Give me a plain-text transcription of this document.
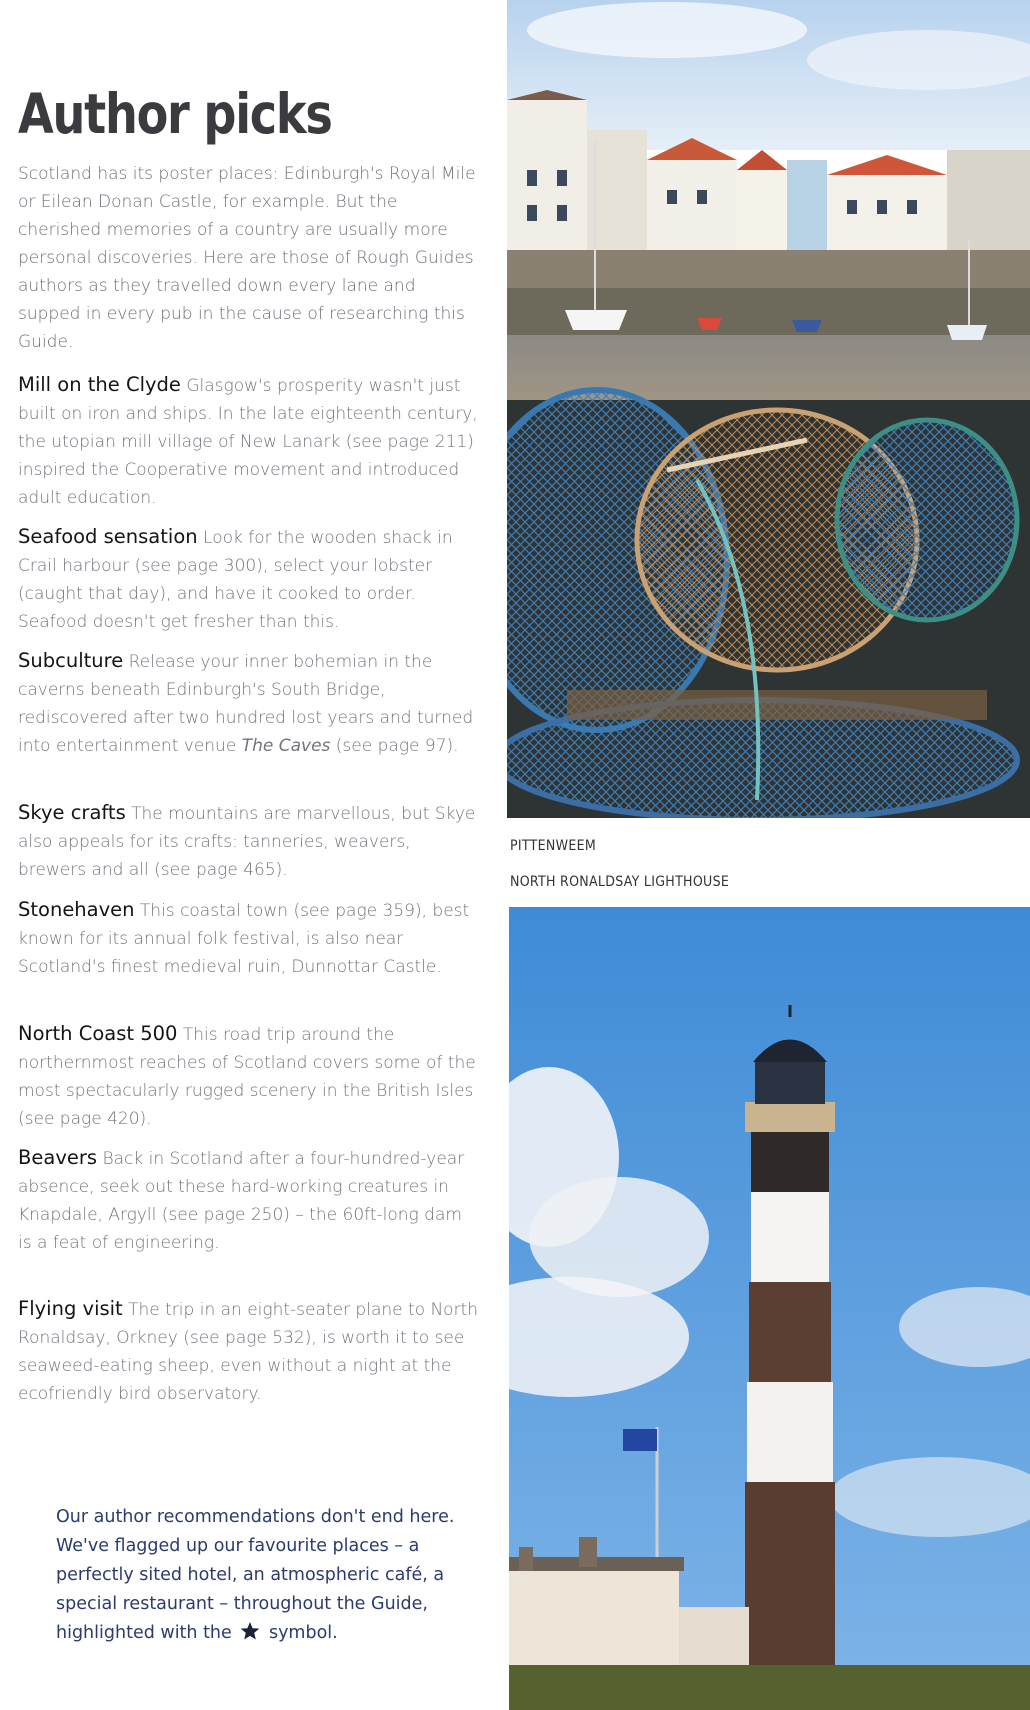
Author picks

Scotland has its poster places: Edinburgh's Royal Mile or Eilean Donan Castle, for example. But the cherished memories of a country are usually more personal discoveries. Here are those of Rough Guides authors as they travelled down every lane and supped in every pub in the cause of researching this Guide.

Mill on the Clyde Glasgow's prosperity wasn't just built on iron and ships. In the late eighteenth century, the utopian mill village of New Lanark (see page 211) inspired the Cooperative movement and introduced adult education.

Seafood sensation Look for the wooden shack in Crail harbour (see page 300), select your lobster (caught that day), and have it cooked to order. Seafood doesn't get fresher than this.

Subculture Release your inner bohemian in the caverns beneath Edinburgh's South Bridge, rediscovered after two hundred lost years and turned into entertainment venue The Caves (see page 97).

Skye crafts The mountains are marvellous, but Skye also appeals for its crafts: tanneries, weavers, brewers and all (see page 465).

Stonehaven This coastal town (see page 359), best known for its annual folk festival, is also near Scotland's finest medieval ruin, Dunnottar Castle.

North Coast 500 This road trip around the northernmost reaches of Scotland covers some of the most spectacularly rugged scenery in the British Isles (see page 420).

Beavers Back in Scotland after a four-hundred-year absence, seek out these hard-working creatures in Knapdale, Argyll (see page 250) – the 60ft-long dam is a feat of engineering.

Flying visit The trip in an eight-seater plane to North Ronaldsay, Orkney (see page 532), is worth it to see seaweed-eating sheep, even without a night at the ecofriendly bird observatory.

Our author recommendations don't end here. We've flagged up our favourite places – a perfectly sited hotel, an atmospheric café, a special restaurant – throughout the Guide, highlighted with the symbol.

PITTENWEEM
NORTH RONALDSAY LIGHTHOUSE
